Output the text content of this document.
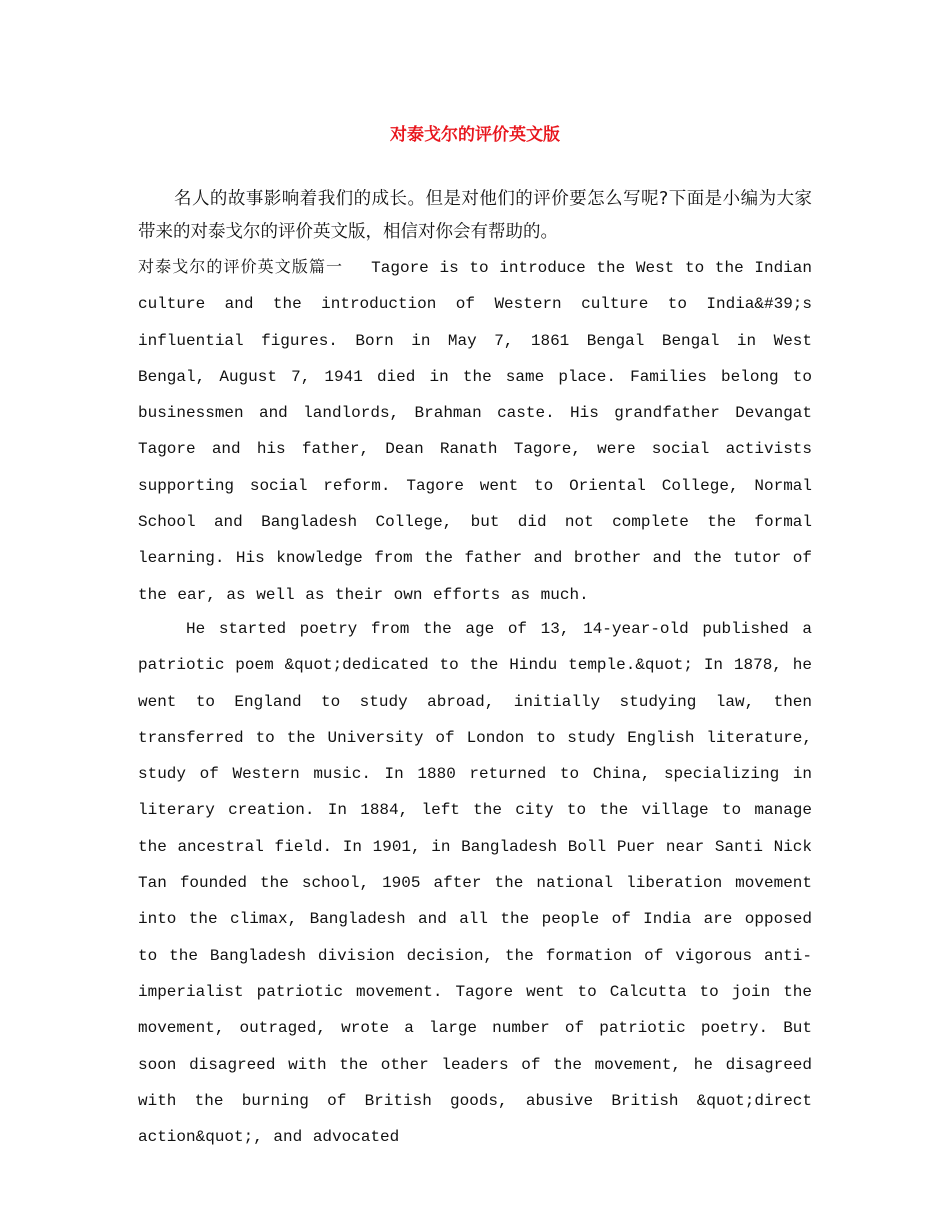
对泰戈尔的评价英文版

名人的故事影响着我们的成长。但是对他们的评价要怎么写呢?下面是小编为大家带来的对泰戈尔的评价英文版，相信对你会有帮助的。

对泰戈尔的评价英文版篇一 Tagore is to introduce the West to the Indian culture and the introduction of Western culture to India&#39;s influential figures. Born in May 7, 1861 Bengal Bengal in West Bengal, August 7, 1941 died in the same place. Families belong to businessmen and landlords, Brahman caste. His grandfather Devangat Tagore and his father, Dean Ranath Tagore, were social activists supporting social reform. Tagore went to Oriental College, Normal School and Bangladesh College, but did not complete the formal learning. His knowledge from the father and brother and the tutor of the ear, as well as their own efforts as much.

He started poetry from the age of 13, 14-year-old published a patriotic poem &quot;dedicated to the Hindu temple.&quot; In 1878, he went to England to study abroad, initially studying law, then transferred to the University of London to study English literature, study of Western music. In 1880 returned to China, specializing in literary creation. In 1884, left the city to the village to manage the ancestral field. In 1901, in Bangladesh Boll Puer near Santi Nick Tan founded the school, 1905 after the national liberation movement into the climax, Bangladesh and all the people of India are opposed to the Bangladesh division decision, the formation of vigorous anti-imperialist patriotic movement. Tagore went to Calcutta to join the movement, outraged, wrote a large number of patriotic poetry. But soon disagreed with the other leaders of the movement, he disagreed with the burning of British goods, abusive British &quot;direct action&quot;, and advocated
